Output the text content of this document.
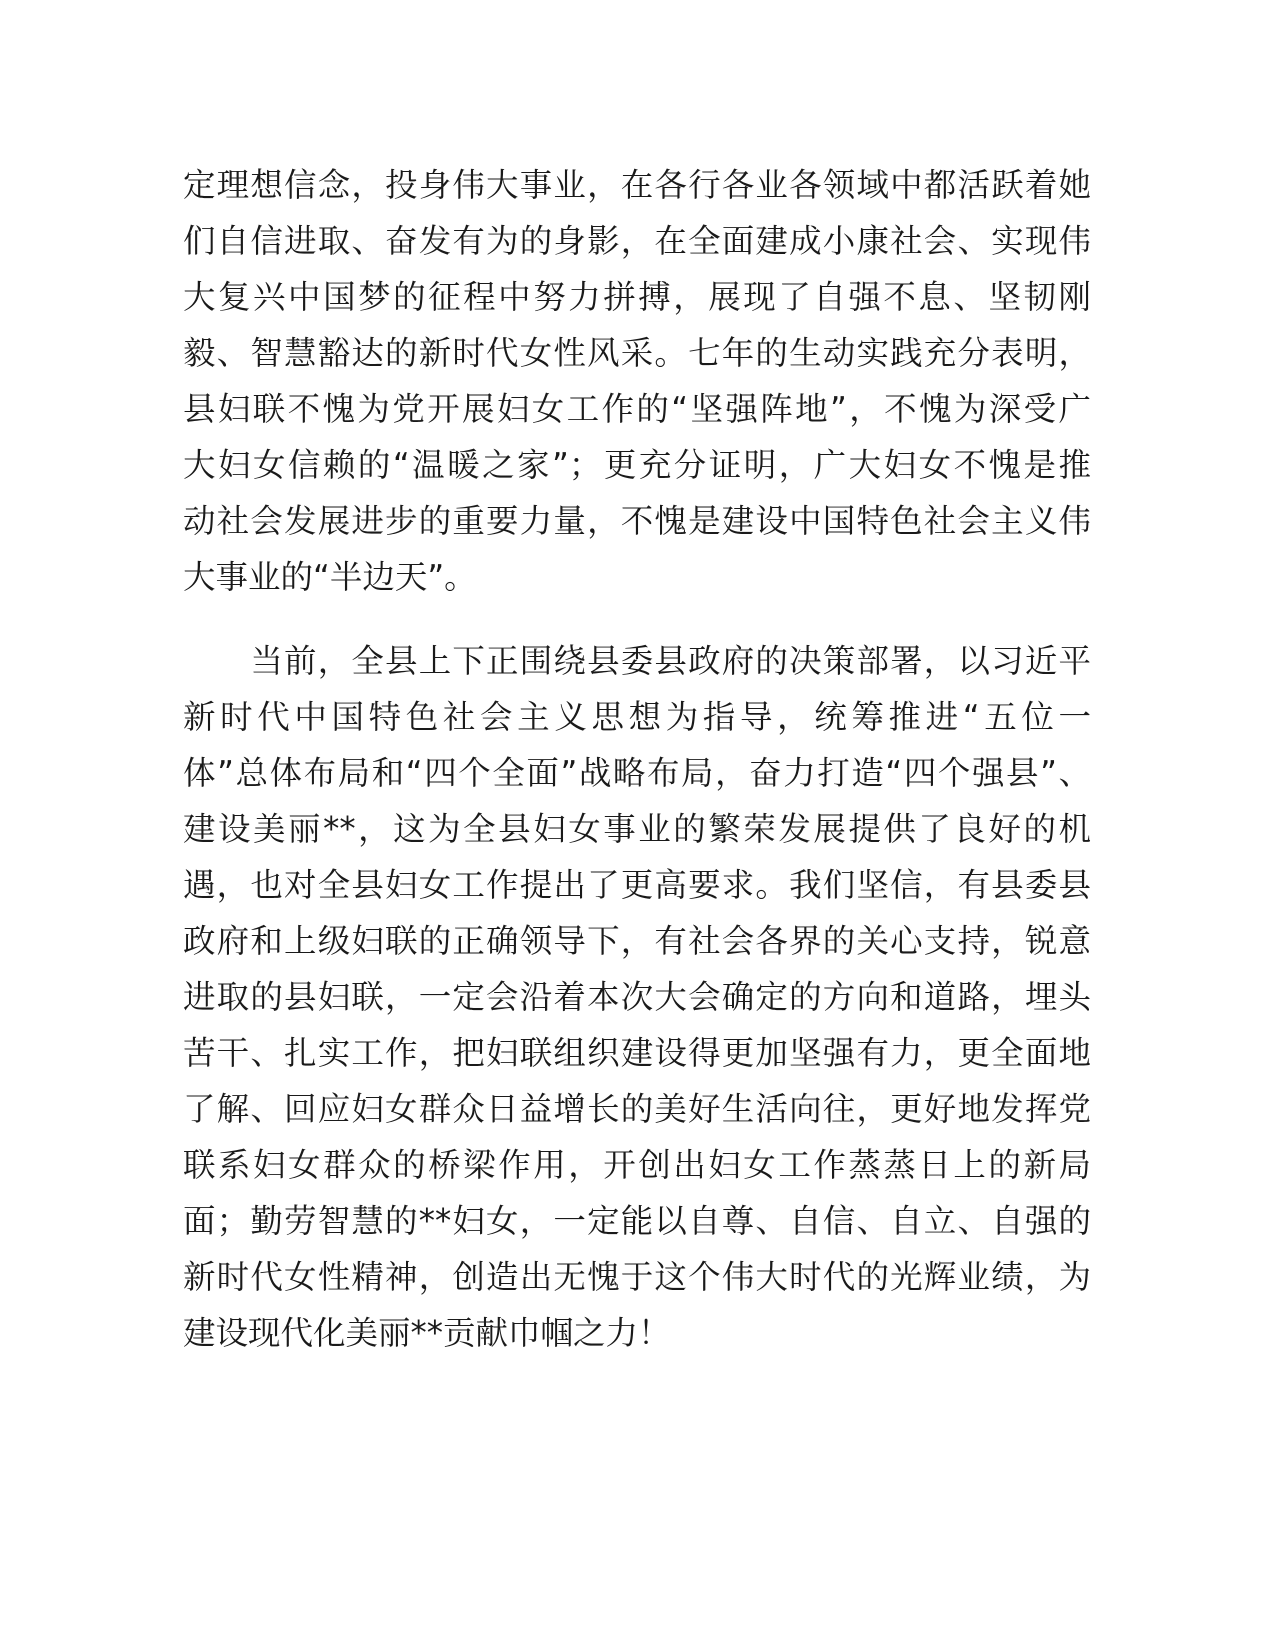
定理想信念，投身伟大事业，在各行各业各领域中都活跃着她
们自信进取、奋发有为的身影，在全面建成小康社会、实现伟
大复兴中国梦的征程中努力拼搏，展现了自强不息、坚韧刚
毅、智慧豁达的新时代女性风采。七年的生动实践充分表明，
县妇联不愧为党开展妇女工作的“坚强阵地”，不愧为深受广
大妇女信赖的“温暖之家”；更充分证明，广大妇女不愧是推
动社会发展进步的重要力量，不愧是建设中国特色社会主义伟
大事业的“半边天”。
　　当前，全县上下正围绕县委县政府的决策部署，以习近平
新时代中国特色社会主义思想为指导，统筹推进“五位一
体”总体布局和“四个全面”战略布局，奋力打造“四个强县”、
建设美丽**，这为全县妇女事业的繁荣发展提供了良好的机
遇，也对全县妇女工作提出了更高要求。我们坚信，有县委县
政府和上级妇联的正确领导下，有社会各界的关心支持，锐意
进取的县妇联，一定会沿着本次大会确定的方向和道路，埋头
苦干、扎实工作，把妇联组织建设得更加坚强有力，更全面地
了解、回应妇女群众日益增长的美好生活向往，更好地发挥党
联系妇女群众的桥梁作用，开创出妇女工作蒸蒸日上的新局
面；勤劳智慧的**妇女，一定能以自尊、自信、自立、自强的
新时代女性精神，创造出无愧于这个伟大时代的光辉业绩，为
建设现代化美丽**贡献巾帼之力！
